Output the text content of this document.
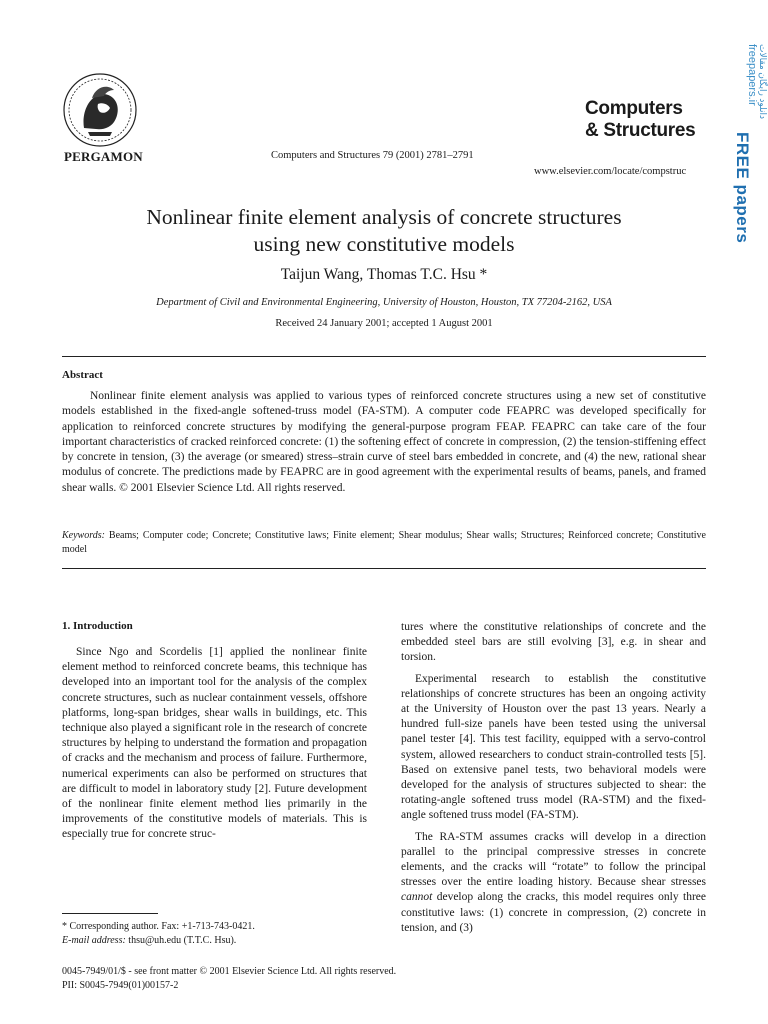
PERGAMON	Computers and Structures 79 (2001) 2781–2791
Computers
& Structures
www.elsevier.com/locate/compstruc
دانلود رایگان مقالات
freepapers.ir
FREE papers
Nonlinear finite element analysis of concrete structures
using new constitutive models
Taijun Wang, Thomas T.C. Hsu *
Department of Civil and Environmental Engineering, University of Houston, Houston, TX 77204-2162, USA
Received 24 January 2001; accepted 1 August 2001
Abstract
Nonlinear finite element analysis was applied to various types of reinforced concrete structures using a new set of constitutive models established in the fixed-angle softened-truss model (FA-STM). A computer code FEAPRC was developed specifically for application to reinforced concrete structures by modifying the general-purpose program FEAP. FEAPRC can take care of the four important characteristics of cracked reinforced concrete: (1) the softening effect of concrete in compression, (2) the tension-stiffening effect by concrete in tension, (3) the average (or smeared) stress–strain curve of steel bars embedded in concrete, and (4) the new, rational shear modulus of concrete. The predictions made by FEAPRC are in good agreement with the experimental results of beams, panels, and framed shear walls. © 2001 Elsevier Science Ltd. All rights reserved.
Keywords: Beams; Computer code; Concrete; Constitutive laws; Finite element; Shear modulus; Shear walls; Structures; Reinforced concrete; Constitutive model
1. Introduction

Since Ngo and Scordelis [1] applied the nonlinear finite element method to reinforced concrete beams, this technique has developed into an important tool for the analysis of the complex concrete structures, such as nuclear containment vessels, offshore platforms, long-span bridges, shear walls in buildings, etc. This technique also played a significant role in the research of concrete structures by helping to understand the formation and propagation of cracks and the mechanism and process of failure. Furthermore, numerical experiments can also be performed on structures that are difficult to model in laboratory study [2]. Future development of the nonlinear finite element method lies primarily in the improvements of the constitutive models of materials. This is especially true for concrete struc-

tures where the constitutive relationships of concrete and the embedded steel bars are still evolving [3], e.g. in shear and torsion.

Experimental research to establish the constitutive relationships of concrete structures has been an ongoing activity at the University of Houston over the past 13 years. Nearly a hundred full-size panels have been tested using the universal panel tester [4]. This test facility, equipped with a servo-control system, allowed researchers to conduct strain-controlled tests [5]. Based on extensive panel tests, two behavioral models were developed for the analysis of structures subjected to shear: the rotating-angle softened truss model (RA-STM) and the fixed-angle softened truss model (FA-STM).

The RA-STM assumes cracks will develop in a direction parallel to the principal compressive stresses in concrete elements, and the cracks will “rotate” to follow the principal stresses over the entire loading history. Because shear stresses cannot develop along the cracks, this model requires only three constitutive laws: (1) concrete in compression, (2) concrete in tension, and (3)

* Corresponding author. Fax: +1-713-743-0421.
E-mail address: thsu@uh.edu (T.T.C. Hsu).
0045-7949/01/$ - see front matter © 2001 Elsevier Science Ltd. All rights reserved.
PII: S0045-7949(01)00157-2
